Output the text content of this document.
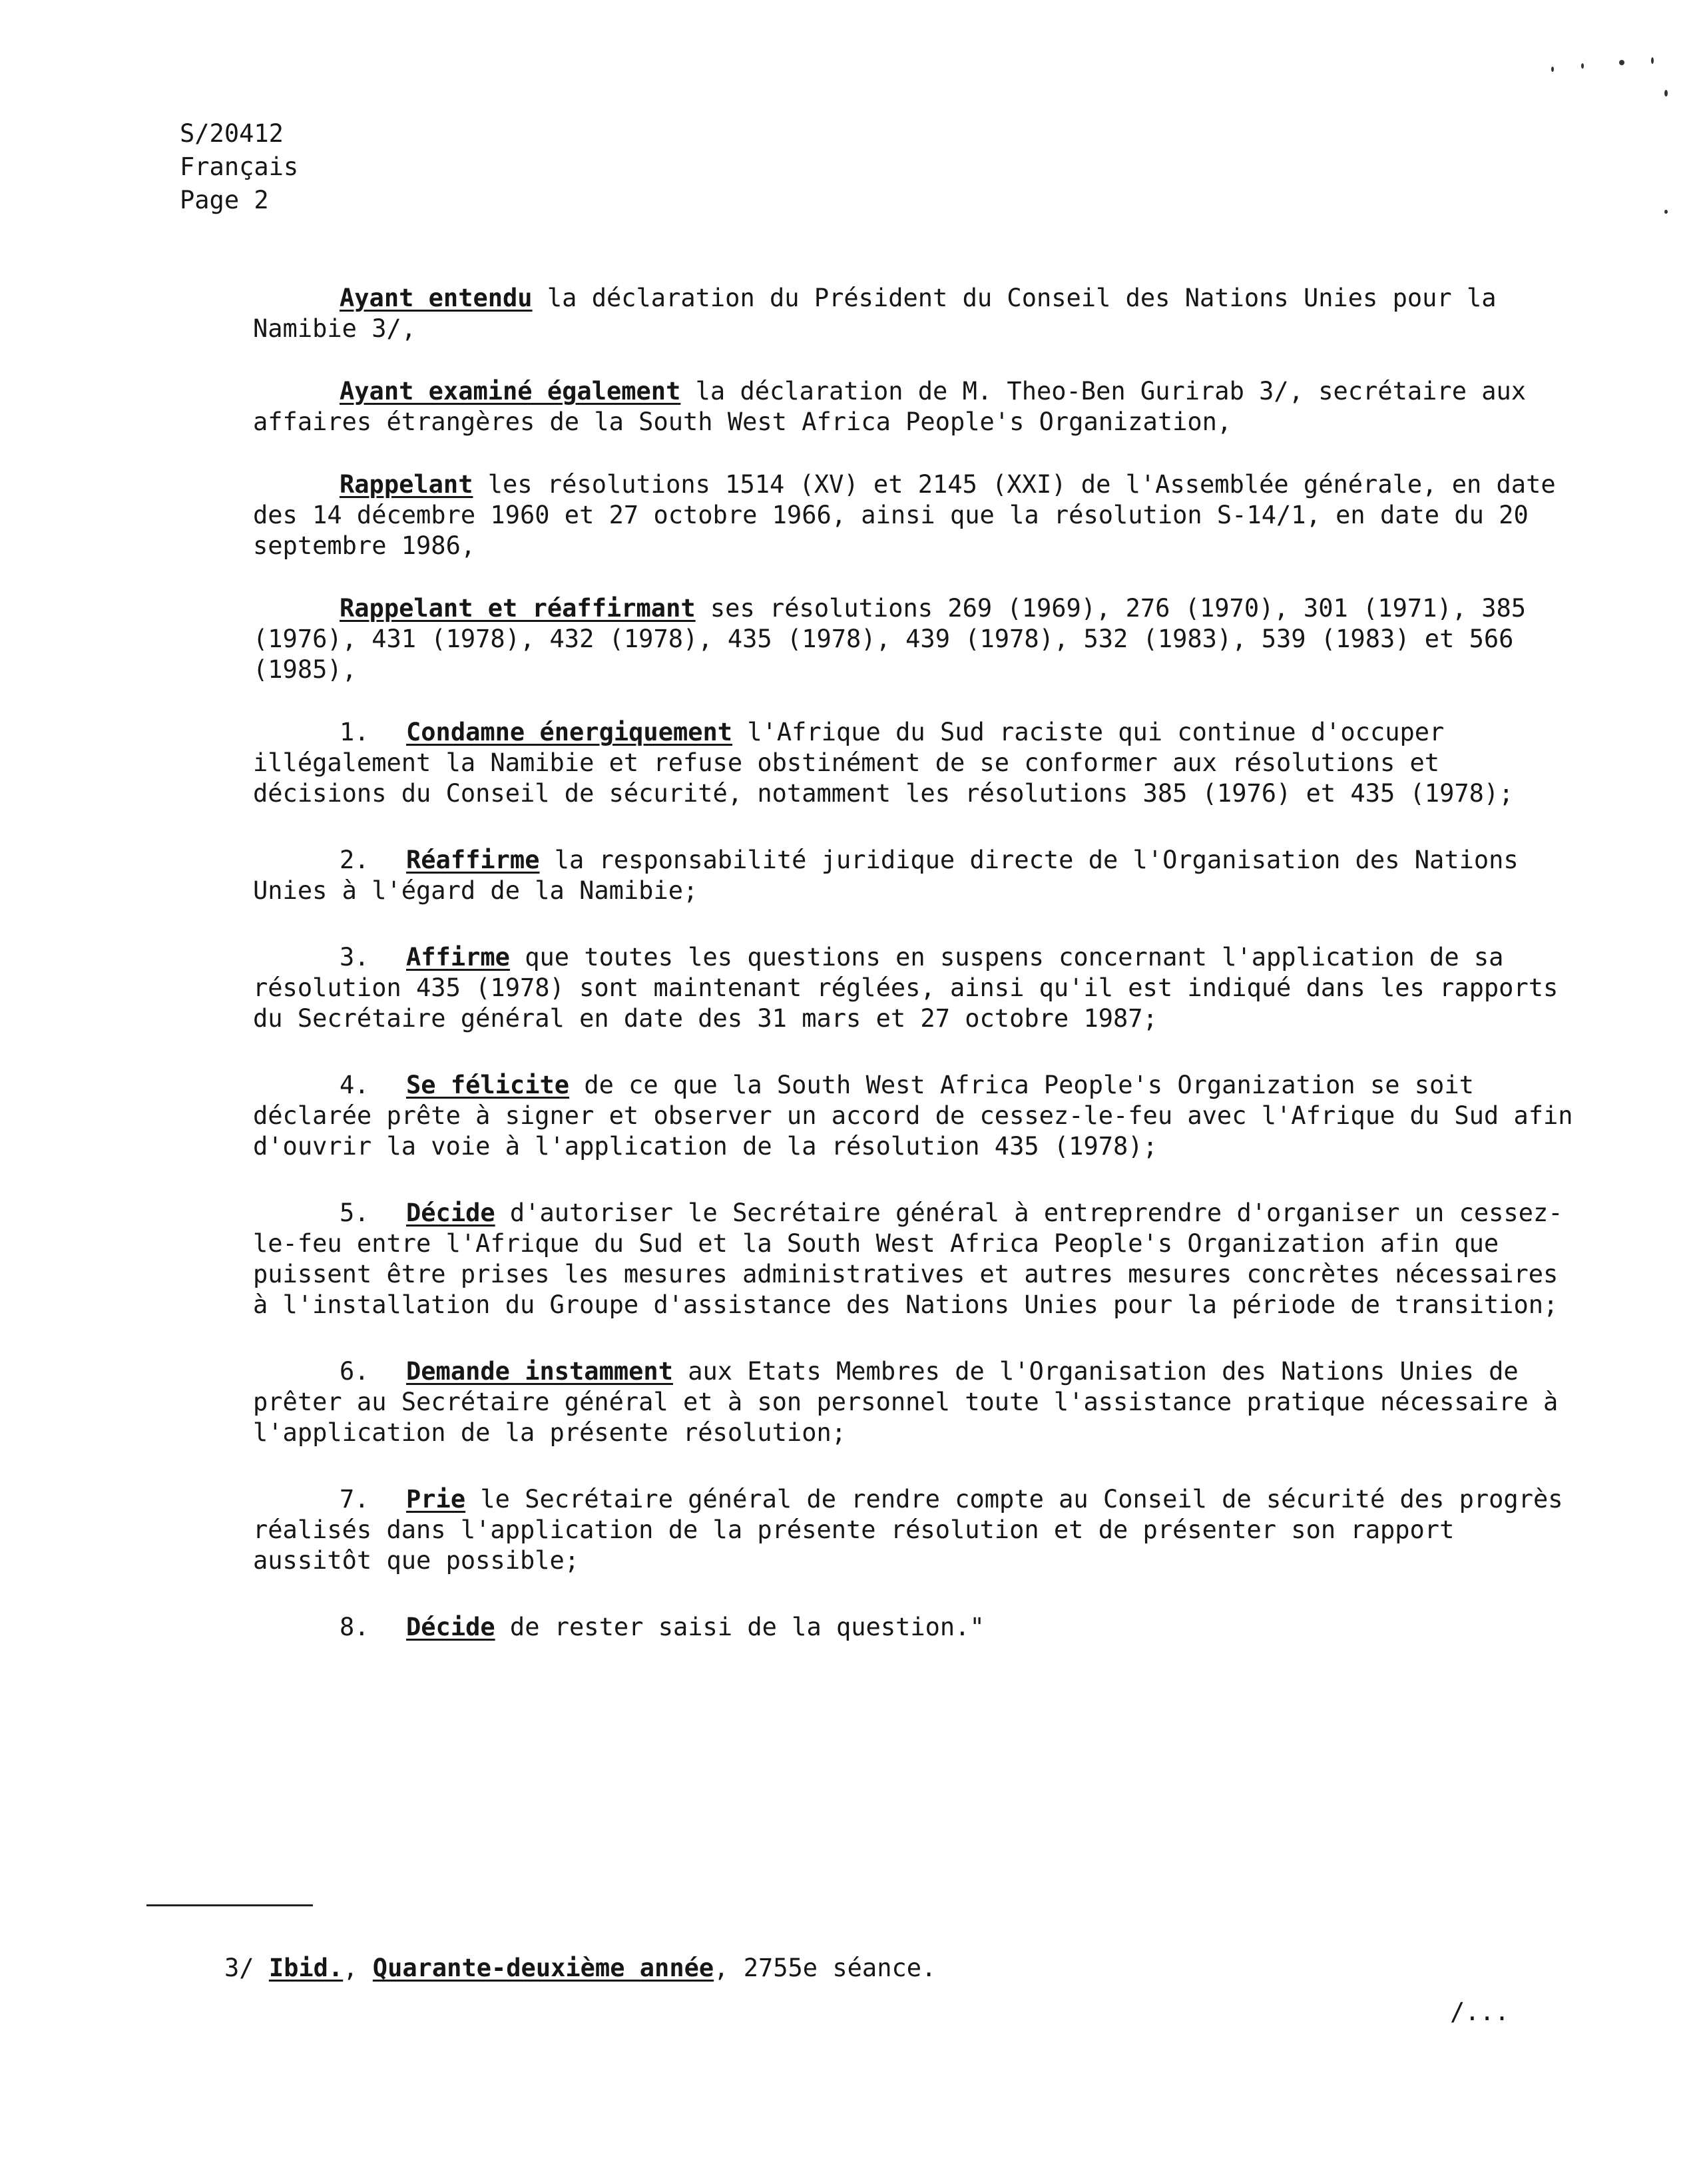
S/20412
Français
Page 2

Ayant entendu la déclaration du Président du Conseil des Nations Unies pour la Namibie 3/,

Ayant examiné également la déclaration de M. Theo-Ben Gurirab 3/, secrétaire aux affaires étrangères de la South West Africa People's Organization,

Rappelant les résolutions 1514 (XV) et 2145 (XXI) de l'Assemblée générale, en date des 14 décembre 1960 et 27 octobre 1966, ainsi que la résolution S-14/1, en date du 20 septembre 1986,

Rappelant et réaffirmant ses résolutions 269 (1969), 276 (1970), 301 (1971), 385 (1976), 431 (1978), 432 (1978), 435 (1978), 439 (1978), 532 (1983), 539 (1983) et 566 (1985),

1. Condamne énergiquement l'Afrique du Sud raciste qui continue d'occuper illégalement la Namibie et refuse obstinément de se conformer aux résolutions et décisions du Conseil de sécurité, notamment les résolutions 385 (1976) et 435 (1978);

2. Réaffirme la responsabilité juridique directe de l'Organisation des Nations Unies à l'égard de la Namibie;

3. Affirme que toutes les questions en suspens concernant l'application de sa résolution 435 (1978) sont maintenant réglées, ainsi qu'il est indiqué dans les rapports du Secrétaire général en date des 31 mars et 27 octobre 1987;

4. Se félicite de ce que la South West Africa People's Organization se soit déclarée prête à signer et observer un accord de cessez-le-feu avec l'Afrique du Sud afin d'ouvrir la voie à l'application de la résolution 435 (1978);

5. Décide d'autoriser le Secrétaire général à entreprendre d'organiser un cessez-le-feu entre l'Afrique du Sud et la South West Africa People's Organization afin que puissent être prises les mesures administratives et autres mesures concrètes nécessaires à l'installation du Groupe d'assistance des Nations Unies pour la période de transition;

6. Demande instamment aux Etats Membres de l'Organisation des Nations Unies de prêter au Secrétaire général et à son personnel toute l'assistance pratique nécessaire à l'application de la présente résolution;

7. Prie le Secrétaire général de rendre compte au Conseil de sécurité des progrès réalisés dans l'application de la présente résolution et de présenter son rapport aussitôt que possible;

8. Décide de rester saisi de la question."

3/ Ibid., Quarante-deuxième année, 2755e séance.
/...
